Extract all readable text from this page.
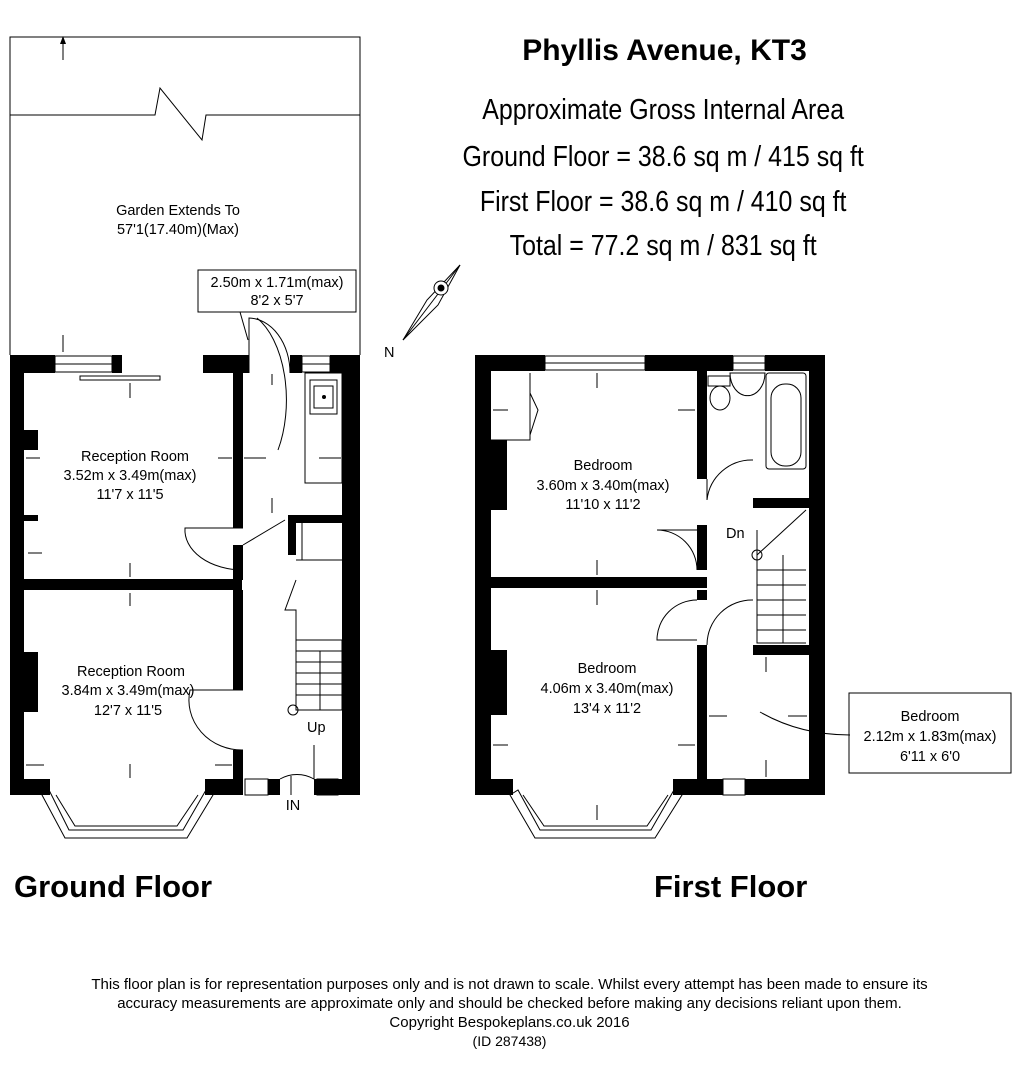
Phyllis Avenue, KT3
Approximate Gross Internal Area
Ground Floor = 38.6 sq m / 415 sq ft
First Floor = 38.6 sq m / 410 sq ft
Total = 77.2 sq m / 831 sq ft
N
Garden Extends To
57'1(17.40m)(Max)
Up
2.50m x 1.71m(max)
8'2 x 5'7
Reception Room
3.52m x 3.49m(max)
11'7 x 11'5
Reception Room
3.84m x 3.49m(max)
12'7 x 11'5
IN
Dn
Bedroom
3.60m x 3.40m(max)
11'10 x 11'2
Bedroom
4.06m x 3.40m(max)
13'4 x 11'2	Bedroom
2.12m x 1.83m(max)
6'11 x 6'0
Ground Floor	First Floor
This floor plan is for representation purposes only and is not drawn to scale. Whilst every attempt has been made to ensure its
accuracy measurements are approximate only and should be checked before making any decisions reliant upon them.
Copyright Bespokeplans.co.uk 2016
(ID 287438)
